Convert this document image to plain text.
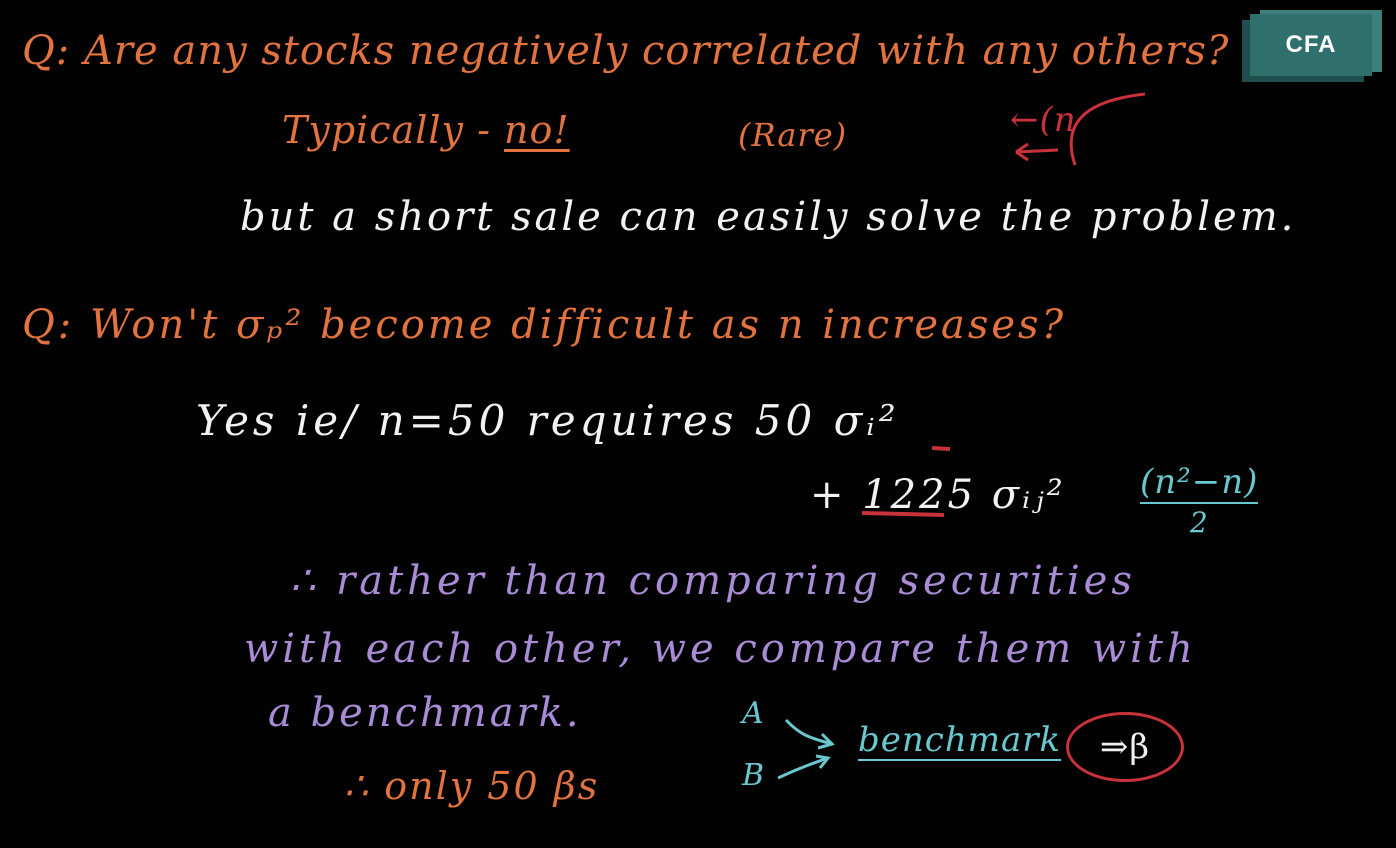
Q: Are any stocks negatively correlated with any others?
Typically - no!	(Rare)	←(n
but a short sale can easily solve the problem.
Q: Won't σₚ² become difficult as n increases?
Yes ie/ n=50 requires 50 σᵢ²
+ 1225 σᵢⱼ² (n²−n)
2
∴ rather than comparing securities
with each other, we compare them with
a benchmark.
∴ only 50 βs
A
B
benchmark ⇒β
CFA
